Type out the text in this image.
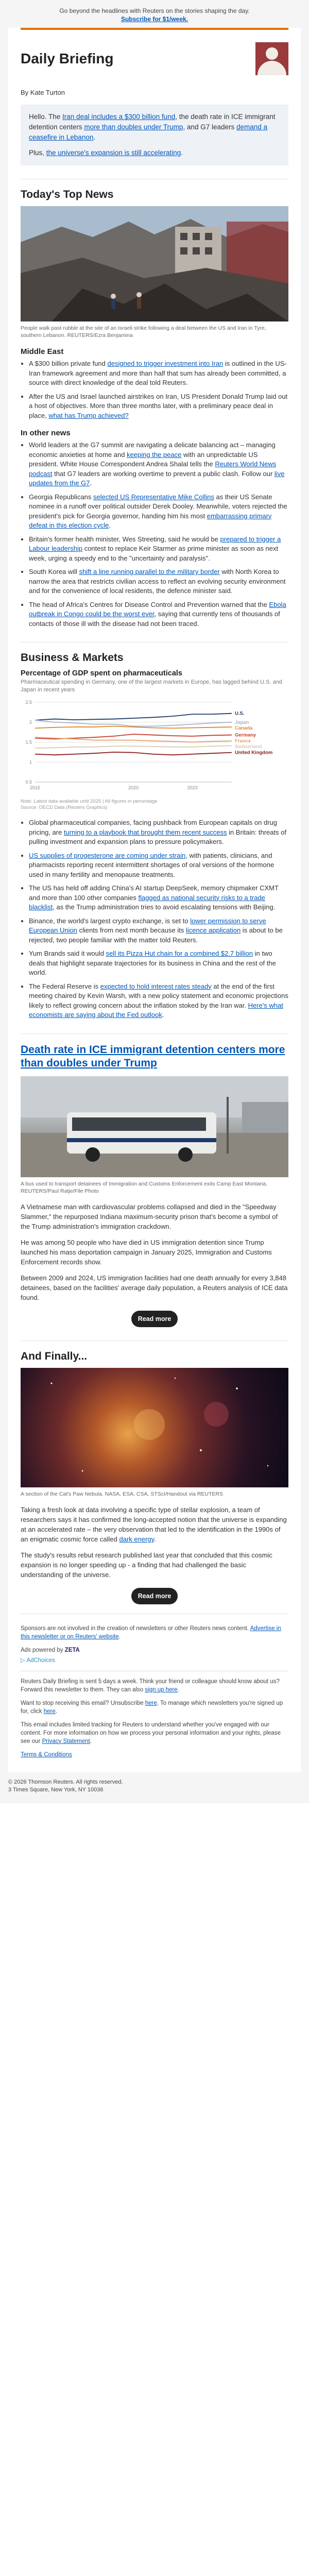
Go beyond the headlines with Reuters on the stories shaping the day.
Subscribe for $1/week.
Daily Briefing
By Kate Turton

Hello. The Iran deal includes a $300 billion fund, the death rate in ICE immigrant detention centers more than doubles under Trump, and G7 leaders demand a ceasefire in Lebanon.

Plus, the universe's expansion is still accelerating.

Today's Top News
People walk past rubble at the site of an Israeli strike following a deal between the US and Iran in Tyre, southern Lebanon. REUTERS/Ezra Benjamina
Middle East
• A $300 billion private fund designed to trigger investment into Iran is outlined in the US-Iran framework agreement and more than half that sum has already been committed, a source with direct knowledge of the deal told Reuters.
• After the US and Israel launched airstrikes on Iran, US President Donald Trump laid out a host of objectives. More than three months later, with a preliminary peace deal in place, what has Trump achieved?
In other news
• World leaders at the G7 summit are navigating a delicate balancing act – managing economic anxieties at home and keeping the peace with an unpredictable US president. White House Correspondent Andrea Shalal tells the Reuters World News podcast that G7 leaders are working overtime to prevent a public clash. Follow our live updates from the G7.
• Georgia Republicans selected US Representative Mike Collins as their US Senate nominee in a runoff over political outsider Derek Dooley. Meanwhile, voters rejected the president's pick for Georgia governor, handing him his most embarrassing primary defeat in this election cycle.
• Britain's former health minister, Wes Streeting, said he would be prepared to trigger a Labour leadership contest to replace Keir Starmer as prime minister as soon as next week, urging a speedy end to the "uncertainty and paralysis".
• South Korea will shift a line running parallel to the military border with North Korea to narrow the area that restricts civilian access to reflect an evolving security environment and for the convenience of local residents, the defence minister said.
• The head of Africa's Centres for Disease Control and Prevention warned that the Ebola outbreak in Congo could be the worst ever, saying that currently tens of thousands of contacts of those ill with the disease had not been traced.
Business & Markets
Percentage of GDP spent on pharmaceuticals
Pharmaceutical spending in Germany, one of the largest markets in Europe, has lagged behind U.S. and Japan in recent years
0.5
1
1.5
2
2.5
2015	2020	2023
U.S.
Japan
Canada
Germany
France
Switzerland
United Kingdom
Note: Latest data available until 2025 | All figures in percentage
Source: OECD Data (Reuters Graphics)
• Global pharmaceutical companies, facing pushback from European capitals on drug pricing, are turning to a playbook that brought them recent success in Britain: threats of pulling investment and expansion plans to pressure policymakers.
• US supplies of progesterone are coming under strain, with patients, clinicians, and pharmacists reporting recent intermittent shortages of oral versions of the hormone used in many fertility and menopause treatments.
• The US has held off adding China's AI startup DeepSeek, memory chipmaker CXMT and more than 100 other companies flagged as national security risks to a trade blacklist, as the Trump administration tries to avoid escalating tensions with Beijing.
• Binance, the world's largest crypto exchange, is set to lower permission to serve European Union clients from next month because its licence application is about to be rejected, two people familiar with the matter told Reuters.
• Yum Brands said it would sell its Pizza Hut chain for a combined $2.7 billion in two deals that highlight separate trajectories for its business in China and the rest of the world.
• The Federal Reserve is expected to hold interest rates steady at the end of the first meeting chaired by Kevin Warsh, with a new policy statement and economic projections likely to reflect growing concern about the inflation stoked by the Iran war. Here's what economists are saying about the Fed outlook.
Death rate in ICE immigrant detention centers more than doubles under Trump
A bus used to transport detainees of Immigration and Customs Enforcement exits Camp East Montana. REUTERS/Paul Ratje/File Photo

A Vietnamese man with cardiovascular problems collapsed and died in the "Speedway Slammer," the repurposed Indiana maximum-security prison that's become a symbol of the Trump administration's immigration crackdown.

He was among 50 people who have died in US immigration detention since Trump launched his mass deportation campaign in January 2025, Immigration and Customs Enforcement records show.

Between 2009 and 2024, US immigration facilities had one death annually for every 3,848 detainees, based on the facilities' average daily population, a Reuters analysis of ICE data found.

Read more
And Finally...
A section of the Cat's Paw Nebula. NASA, ESA, CSA, STScI/Handout via REUTERS

Taking a fresh look at data involving a specific type of stellar explosion, a team of researchers says it has confirmed the long-accepted notion that the universe is expanding at an accelerated rate – the very observation that led to the identification in the 1990s of an enigmatic cosmic force called dark energy.

The study's results rebut research published last year that concluded that this cosmic expansion is no longer speeding up - a finding that had challenged the basic understanding of the universe.

Read more

Sponsors are not involved in the creation of newsletters or other Reuters news content. Advertise in this newsletter or on Reuters' website.

Ads powered by ZETA

▷ AdChoices

Reuters Daily Briefing is sent 5 days a week. Think your friend or colleague should know about us? Forward this newsletter to them. They can also sign up here.

Want to stop receiving this email? Unsubscribe here. To manage which newsletters you're signed up for, click here.

This email includes limited tracking for Reuters to understand whether you've engaged with our content. For more information on how we process your personal information and your rights, please see our Privacy Statement.

Terms & Conditions

© 2026 Thomson Reuters. All rights reserved.
3 Times Square, New York, NY 10036
